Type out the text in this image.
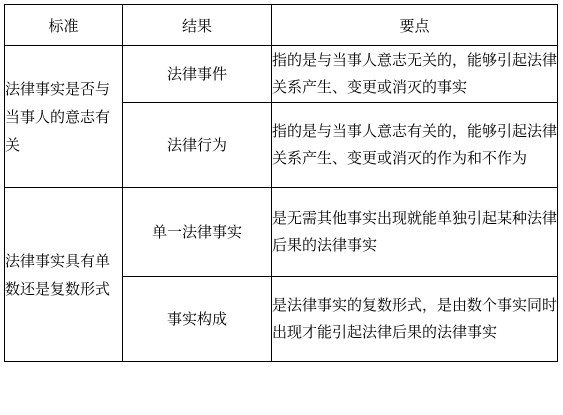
标准	结果	要点
法律事实是否与当事人的意志有关	法律事件	指的是与当事人意志无关的，能够引起法律关系产生、变更或消灭的事实
	法律行为	指的是与当事人意志有关的，能够引起法律关系产生、变更或消灭的作为和不作为
法律事实具有单数还是复数形式	单一法律事实	是无需其他事实出现就能单独引起某种法律后果的法律事实
	事实构成	是法律事实的复数形式，是由数个事实同时出现才能引起法律后果的法律事实
